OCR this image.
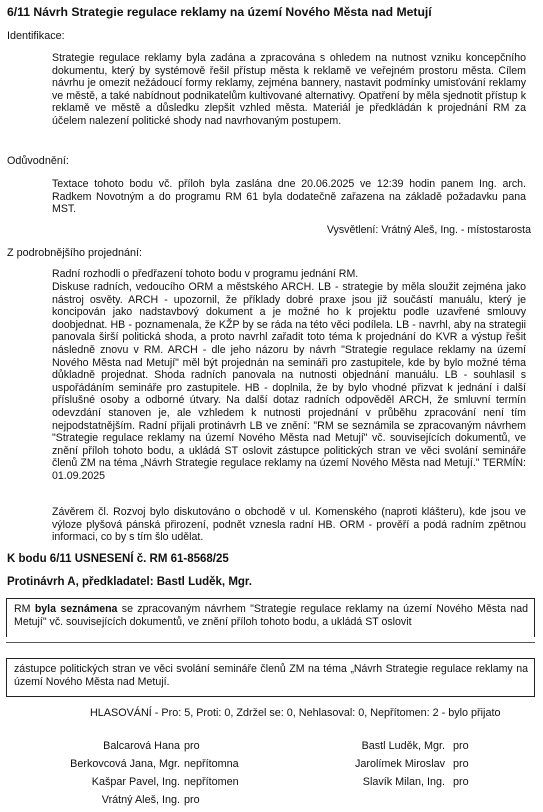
6/11 Návrh Strategie regulace reklamy na území Nového Města nad Metují
Identifikace:
Strategie regulace reklamy byla zadána a zpracována s ohledem na nutnost vzniku koncepčního dokumentu, který by systémově řešil přístup města k reklamě ve veřejném prostoru města. Cílem návrhu je omezit nežádoucí formy reklamy, zejména bannery, nastavit podmínky umisťování reklamy ve městě, a také nabídnout podnikatelům kultivované alternativy. Opatření by měla sjednotit přístup k reklamě ve městě a důsledku zlepšit vzhled města. Materiál je předkládán k projednání RM za účelem nalezení politické shody nad navrhovaným postupem.
Odůvodnění:
Textace tohoto bodu vč. příloh byla zaslána dne 20.06.2025 ve 12:39 hodin panem Ing. arch. Radkem Novotným a do programu RM 61 byla dodatečně zařazena na základě požadavku pana MST.
Vysvětlení: Vrátný Aleš, Ing. - místostarosta
Z podrobnějšího projednání:
Radní rozhodli o předřazení tohoto bodu v programu jednání RM.
Diskuse radních, vedoucího ORM a městského ARCH. LB - strategie by měla sloužit zejména jako nástroj osvěty. ARCH - upozornil, že příklady dobré praxe jsou již součástí manuálu, který je koncipován jako nadstavbový dokument a je možné ho k projektu podle uzavřené smlouvy doobjednat. HB - poznamenala, že KŽP by se ráda na této věci podílela. LB - navrhl, aby na strategii panovala širší politická shoda, a proto navrhl zařadit toto téma k projednání do KVR a výstup řešit následně znovu v RM. ARCH - dle jeho názoru by návrh "Strategie regulace reklamy na území Nového Města nad Metují" měl být projednán na semináři pro zastupitele, kde by bylo možné téma důkladně projednat. Shoda radních panovala na nutnosti objednání manuálu. LB - souhlasil s uspořádáním semináře pro zastupitele. HB - doplnila, že by bylo vhodné přizvat k jednání i další příslušné osoby a odborné útvary. Na další dotaz radních odpověděl ARCH, že smluvní termín odevzdání stanoven je, ale vzhledem k nutnosti projednání v průběhu zpracování není tím nejpodstatnějším. Radní přijali protinávrh LB ve znění: "RM se seznámila se zpracovaným návrhem "Strategie regulace reklamy na území Nového Města nad Metují" vč. souvisejících dokumentů, ve znění příloh tohoto bodu, a ukládá ST oslovit zástupce politických stran ve věci svolání semináře členů ZM na téma „Návrh Strategie regulace reklamy na území Nového Města nad Metují." TERMÍN: 01.09.2025
Závěrem čl. Rozvoj bylo diskutováno o obchodě v ul. Komenského (naproti klášteru), kde jsou ve výloze plyšová pánská přirození, podnět vznesla radní HB. ORM - prověří a podá radním zpětnou informaci, co by s tím šlo udělat.
K bodu 6/11 USNESENÍ č. RM 61-8568/25
Protinávrh A, předkladatel: Bastl Luděk, Mgr.
RM byla seznámena se zpracovaným návrhem "Strategie regulace reklamy na území Nového Města nad Metují" vč. souvisejících dokumentů, ve znění příloh tohoto bodu, a ukládá ST oslovit
zástupce politických stran ve věci svolání semináře členů ZM na téma „Návrh Strategie regulace reklamy na území Nového Města nad Metují.
HLASOVÁNÍ - Pro: 5, Proti: 0, Zdržel se: 0, Nehlasoval: 0, Nepřítomen: 2 - bylo přijato
Balcarová Hana pro
Berkovcová Jana, Mgr. nepřítomna
Kašpar Pavel, Ing. nepřítomen
Vrátný Aleš, Ing. pro
Bastl Luděk, Mgr. pro
Jarolímek Miroslav pro
Slavík Milan, Ing. pro
